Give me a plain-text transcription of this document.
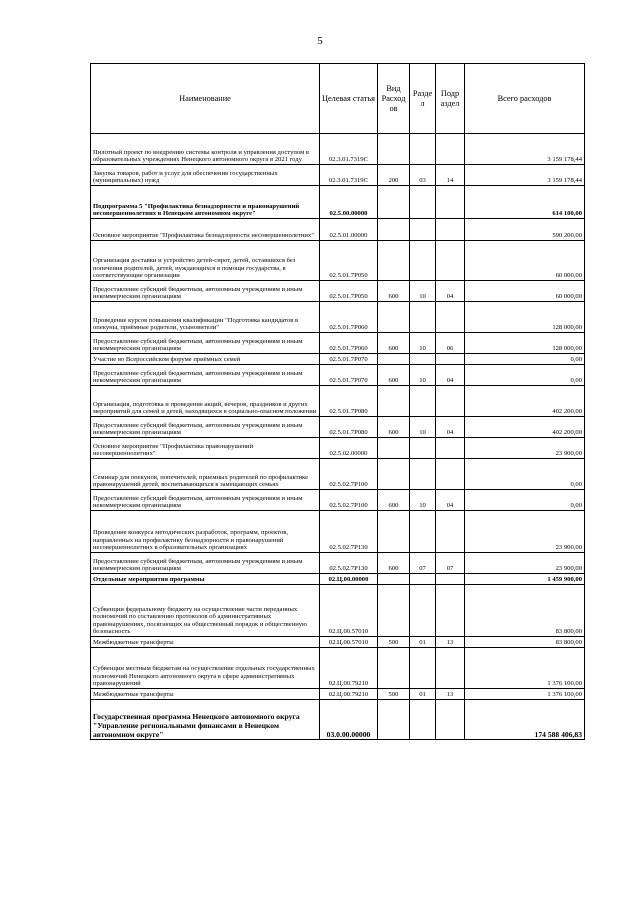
5
Наименование	Целевая статья	Вид Расход ов	Разде л	Подр аздел	Всего расходов
Пилотный проект по внедрению системы контроля и управления доступом в образовательных учреждениях Ненецкого автономного округа в 2021 году	02.3.01.7319С				3 159 178,44
Закупка товаров, работ и услуг для обеспечения государственных (муниципальных) нужд	02.3.01.7319С	200	03	14	3 159 178,44
Подпрограмма 5 "Профилактика безнадзорности и правонарушений несовершеннолетних в Ненецком автономном округе"	02.5.00.00000				614 100,00
Основное мероприятие "Профилактика безнадзорности несовершеннолетних"	02.5.01.00000				590 200,00
Организация доставки и устройство детей-сирот, детей, оставшихся без попечения родителей, детей, нуждающихся в помощи государства, в соответствующие организации	02.5.01.7Р050				60 000,00
Предоставление субсидий бюджетным, автономным учреждениям и иным некоммерческим организациям	02.5.01.7Р050	600	10	04	60 000,00
Проведение курсов повышения квалификации "Подготовка кандидатов в опекуны, приёмные родители, усыновители"	02.5.01.7Р060				128 000,00
Предоставление субсидий бюджетным, автономным учреждениям и иным некоммерческим организациям	02.5.01.7Р060	600	10	06	128 000,00
Участие во Всероссийском форуме приёмных семей	02.5.01.7Р070				0,00
Предоставление субсидий бюджетным, автономным учреждениям и иным некоммерческим организациям	02.5.01.7Р070	600	10	04	0,00
Организация, подготовка и проведение акций, вечеров, праздников и других мероприятий для семей и детей, находящихся в социально-опасном положении	02.5.01.7Р080				402 200,00
Предоставление субсидий бюджетным, автономным учреждениям и иным некоммерческим организациям	02.5.01.7Р080	600	10	04	402 200,00
Основное мероприятие "Профилактика правонарушений несовершеннолетних"	02.5.02.00000				23 900,00
Семинар для опекунов, попечителей, приемных родителей по профилактике правонарушений детей, воспитывающихся в замещающих семьях	02.5.02.7Р100				0,00
Предоставление субсидий бюджетным, автономным учреждениям и иным некоммерческим организациям	02.5.02.7Р100	600	10	04	0,00
Проведение конкурса методических разработок, программ, проектов, направленных на профилактику безнадзорности и правонарушений несовершеннолетних в образовательных организациях	02.5.02.7Р130				23 900,00
Предоставление субсидий бюджетным, автономным учреждениям и иным некоммерческим организациям	02.5.02.7Р130	600	07	07	23 900,00
Отдельные мероприятия программы	02.Ц.00.00000				1 459 900,00
Субвенции федеральному бюджету на осуществление части переданных полномочий по составлению протоколов об административных правонарушениях, посягающих на общественный порядок и общественную безопасность	02.Ц.00.57010				83 800,00
Межбюджетные трансферты	02.Ц.00.57010	500	01	13	83 800,00
Субвенции местным бюджетам на осуществление отдельных государственных полномочий Ненецкого автономного округа в сфере административных правонарушений	02.Ц.00.79210				1 376 100,00
Межбюджетные трансферты	02.Ц.00.79210	500	01	13	1 376 100,00
Государственная программа Ненецкого автономного округа "Управление региональными финансами в Ненецком автономном округе"	03.0.00.00000				174 588 406,83
